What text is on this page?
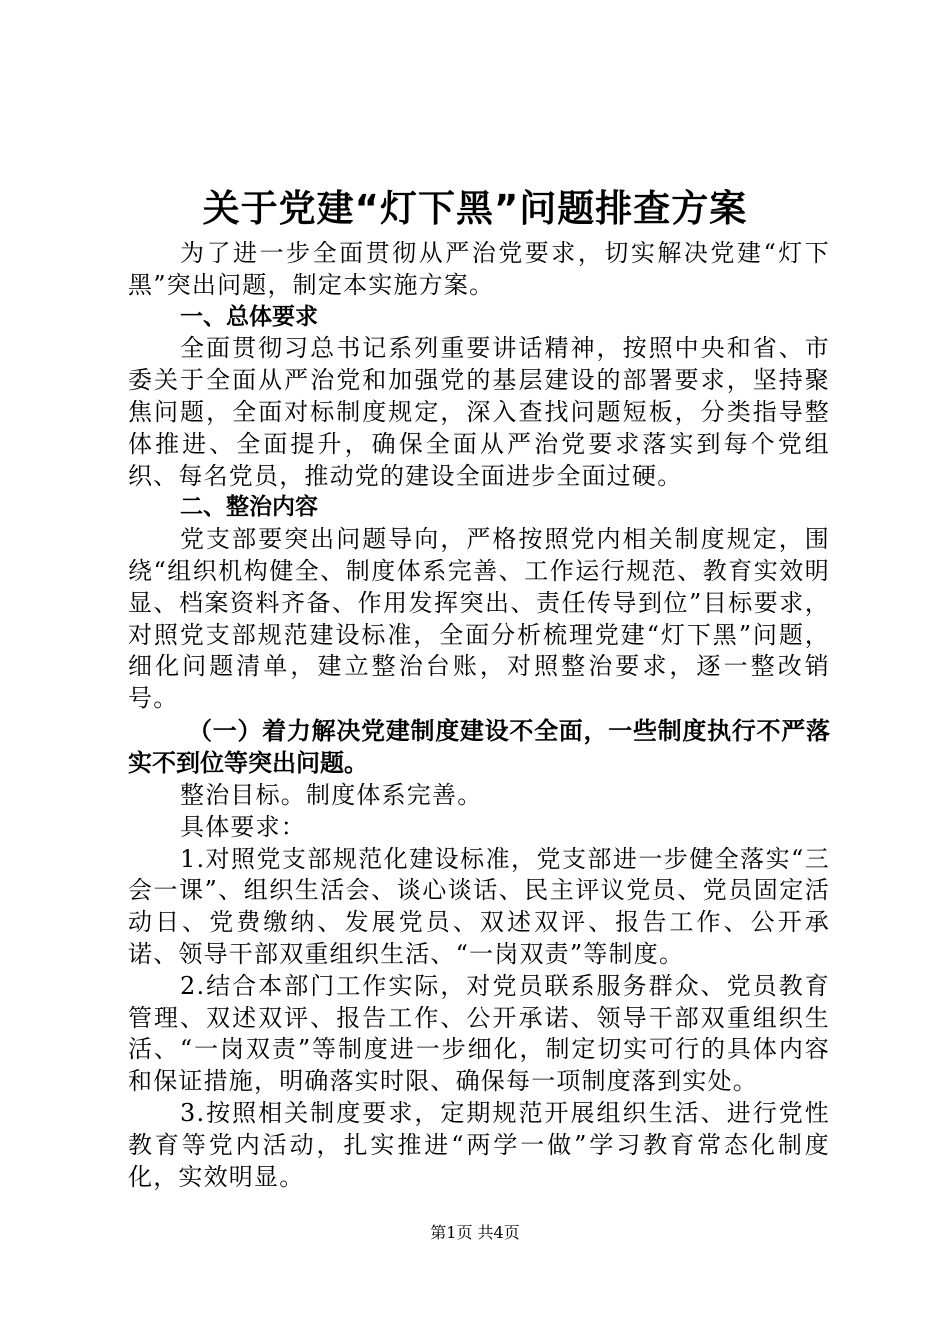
关于党建“灯下黑”问题排查方案

为了进一步全面贯彻从严治党要求，切实解决党建“灯下黑”突出问题，制定本实施方案。

一、总体要求

全面贯彻习总书记系列重要讲话精神，按照中央和省、市委关于全面从严治党和加强党的基层建设的部署要求，坚持聚焦问题，全面对标制度规定，深入查找问题短板，分类指导整体推进、全面提升，确保全面从严治党要求落实到每个党组织、每名党员，推动党的建设全面进步全面过硬。

二、整治内容

党支部要突出问题导向，严格按照党内相关制度规定，围绕“组织机构健全、制度体系完善、工作运行规范、教育实效明显、档案资料齐备、作用发挥突出、责任传导到位”目标要求，对照党支部规范建设标准，全面分析梳理党建“灯下黑”问题，细化问题清单，建立整治台账，对照整治要求，逐一整改销号。

（一）着力解决党建制度建设不全面，一些制度执行不严落实不到位等突出问题。

整治目标。制度体系完善。

具体要求：

1.对照党支部规范化建设标准，党支部进一步健全落实“三会一课”、组织生活会、谈心谈话、民主评议党员、党员固定活动日、党费缴纳、发展党员、双述双评、报告工作、公开承诺、领导干部双重组织生活、“一岗双责”等制度。

2.结合本部门工作实际，对党员联系服务群众、党员教育管理、双述双评、报告工作、公开承诺、领导干部双重组织生活、“一岗双责”等制度进一步细化，制定切实可行的具体内容和保证措施，明确落实时限、确保每一项制度落到实处。

3.按照相关制度要求，定期规范开展组织生活、进行党性教育等党内活动，扎实推进“两学一做”学习教育常态化制度化，实效明显。

第1页 共4页
